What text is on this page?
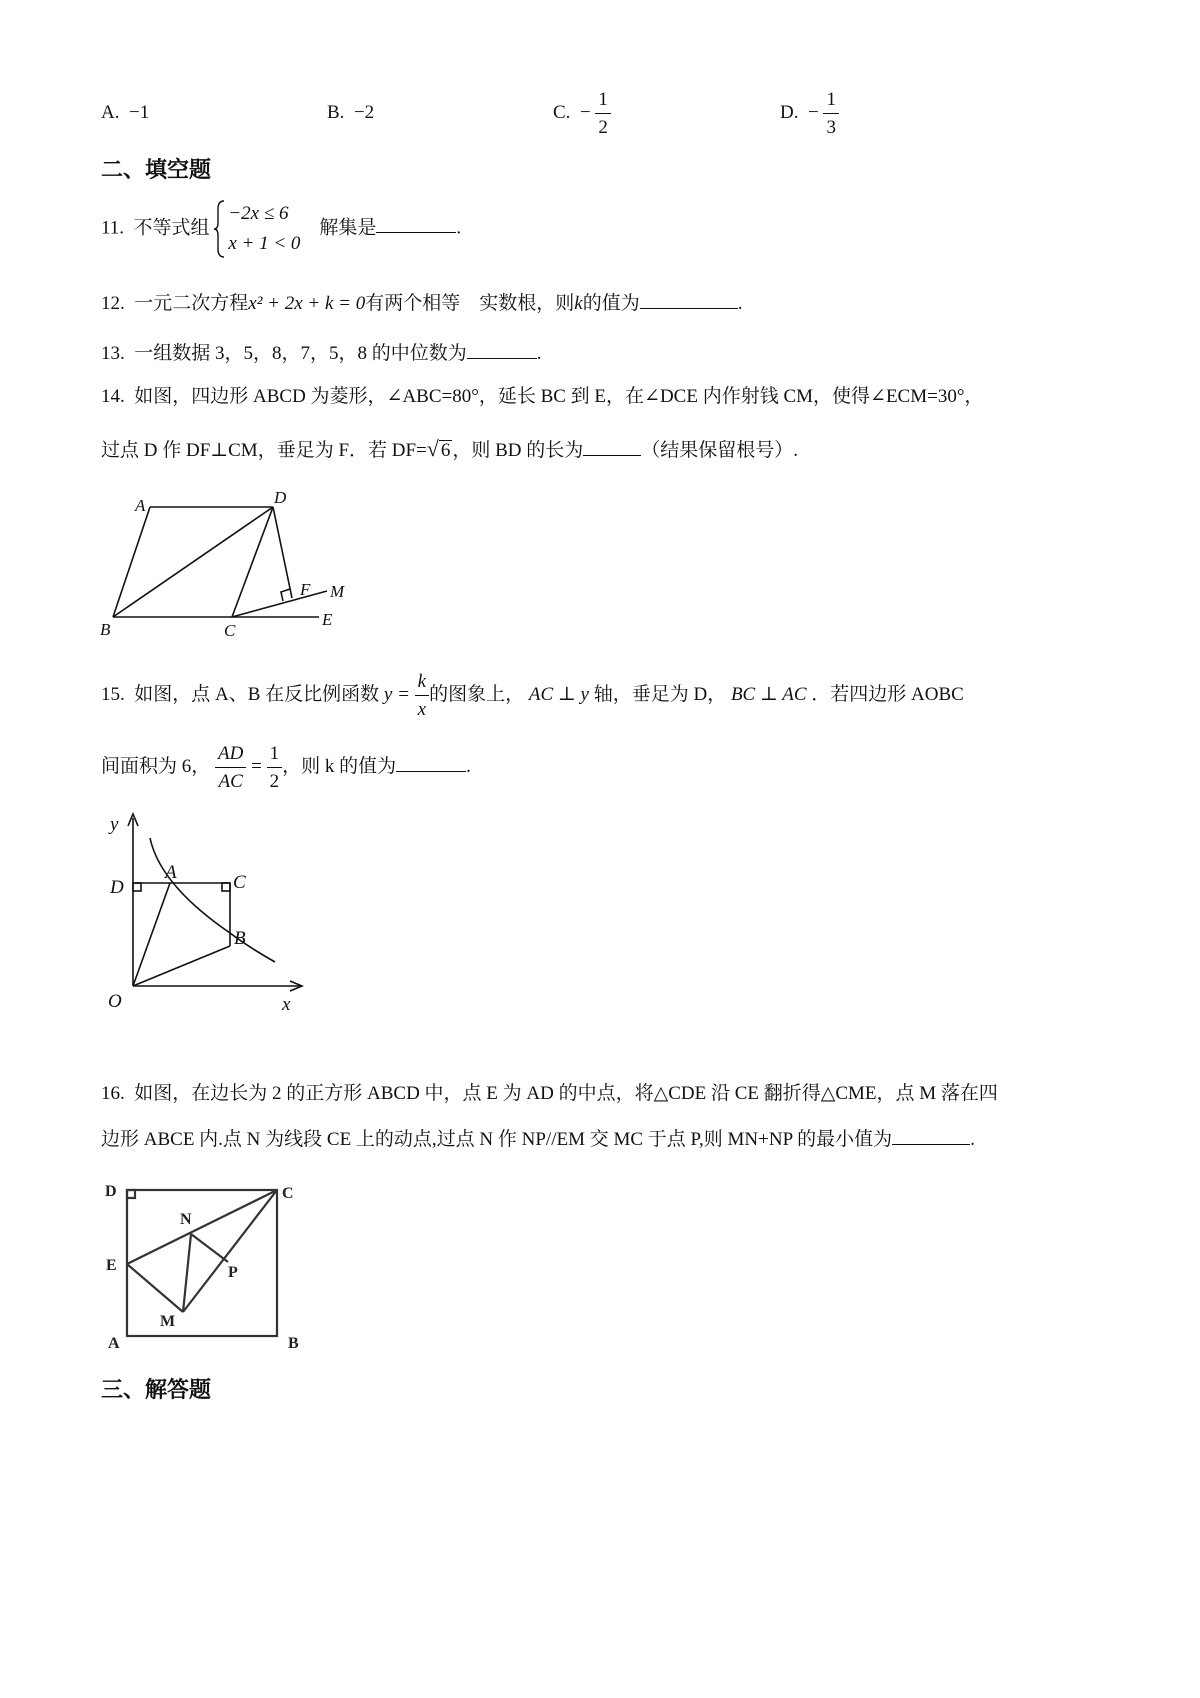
A. −1	B. −2	C. − $\frac{1}{2}$	D. − $\frac{1}{3}$
二、填空题
11. 不等式组
−2x ≤ 6
x + 1 < 0
解集是	.
12. 一元二次方程x² + 2x + k = 0有两个相等　实数根，则k的值为	.
13. 一组数据 3，5，8，7，5，8 的中位数为	.
14. 如图，四边形 ABCD 为菱形，∠ABC=80°，延长 BC 到 E，在∠DCE 内作射钱 CM，使得∠ECM=30°，
过点 D 作 DF⊥CM，垂足为 F．若 DF=√ 6 ，则 BD 的长为	（结果保留根号）.
A	D
B	C
E
F M
15. 如图，点 A、B 在反比例函数 $y = \frac{k}{x}$ 的图象上， AC ⊥ y 轴，垂足为 D， BC ⊥ AC ．若四边形 AOBC
间面积为 6， $\frac{AD}{AC} = \frac{1}{2}$ ，则 k 的值为	.
y
x
O
A
B
C
D
16. 如图，在边长为 2 的正方形 ABCD 中，点 E 为 AD 的中点，将△CDE 沿 CE 翻折得△CME，点 M 落在四
边形 ABCE 内.点 N 为线段 CE 上的动点,过点 N 作 NP//EM 交 MC 于点 P,则 MN+NP 的最小值为	.
D	C
E
N
P
M
A	B
三、解答题
